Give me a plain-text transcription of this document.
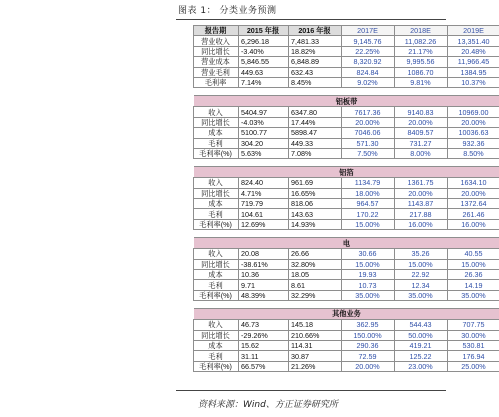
图表 1： 分类业务预测
报告期	2015 年报	2016 年报	2017E	2018E	2019E
营业收入	6,296.18	7,481.33	9,145.76	11,082.26	13,351.40
同比增长	-3.40%	18.82%	22.25%	21.17%	20.48%
营业成本	5,846.55	6,848.89	8,320.92	9,995.56	11,966.45
营业毛利	449.63	632.43	824.84	1086.70	1384.95
毛利率	7.14%	8.45%	9.02%	9.81%	10.37%

铝板带					
收入	5404.97	6347.80	7617.36	9140.83	10969.00
同比增长	-4.03%	17.44%	20.00%	20.00%	20.00%
成本	5100.77	5898.47	7046.06	8409.57	10036.63
毛利	304.20	449.33	571.30	731.27	932.36
毛利率(%)	5.63%	7.08%	7.50%	8.00%	8.50%

铝箔					
收入	824.40	961.69	1134.79	1361.75	1634.10
同比增长	4.71%	16.65%	18.00%	20.00%	20.00%
成本	719.79	818.06	964.57	1143.87	1372.64
毛利	104.61	143.63	170.22	217.88	261.46
毛利率(%)	12.69%	14.93%	15.00%	16.00%	16.00%

电					
收入	20.08	26.66	30.66	35.26	40.55
同比增长	-38.61%	32.80%	15.00%	15.00%	15.00%
成本	10.36	18.05	19.93	22.92	26.36
毛利	9.71	8.61	10.73	12.34	14.19
毛利率(%)	48.39%	32.29%	35.00%	35.00%	35.00%

其他业务					
收入	46.73	145.18	362.95	544.43	707.75
同比增长	-29.26%	210.66%	150.00%	50.00%	30.00%
成本	15.62	114.31	290.36	419.21	530.81
毛利	31.11	30.87	72.59	125.22	176.94
毛利率(%)	66.57%	21.26%	20.00%	23.00%	25.00%
资料来源：Wind、方正证券研究所
